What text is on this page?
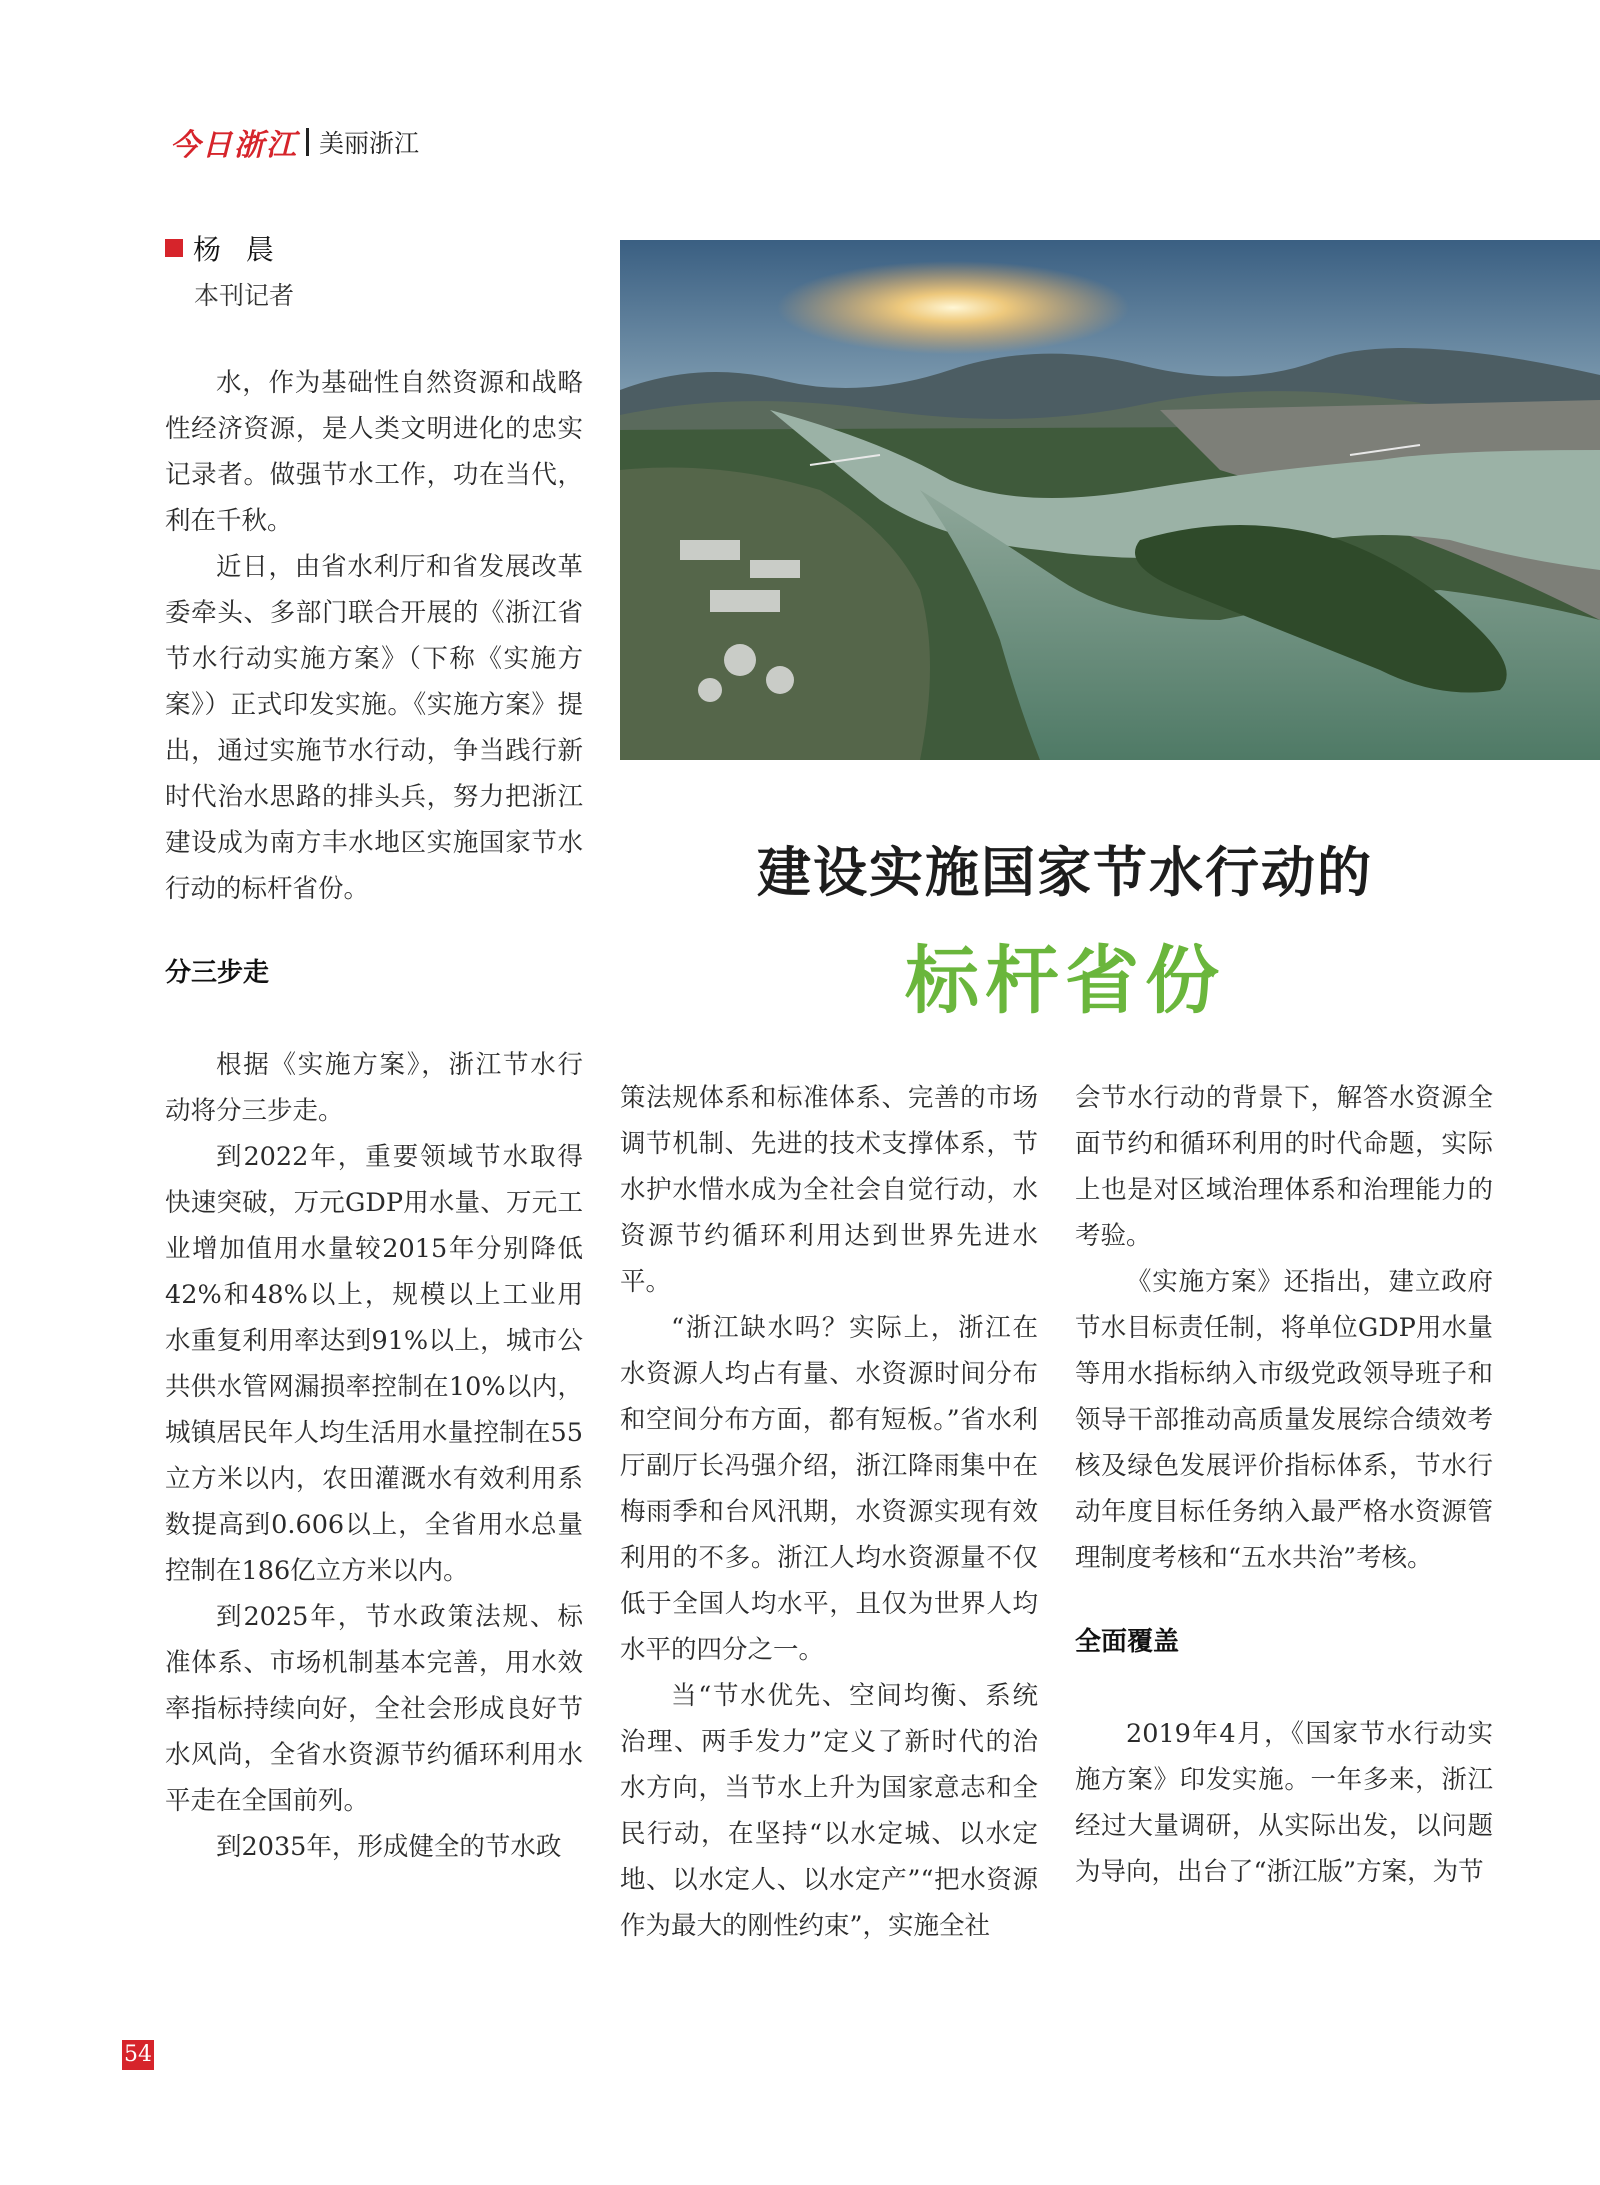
今日浙江 美丽浙江
杨 晨
本刊记者
建设实施国家节水行动的
标杆省份

水，作为基础性自然资源和战略性经济资源，是人类文明进化的忠实记录者。做强节水工作，功在当代，利在千秋。

近日，由省水利厅和省发展改革委牵头、多部门联合开展的《浙江省节水行动实施方案》（下称《实施方案》）正式印发实施。《实施方案》提出，通过实施节水行动，争当践行新时代治水思路的排头兵，努力把浙江建设成为南方丰水地区实施国家节水行动的标杆省份。

分三步走

根据《实施方案》，浙江节水行动将分三步走。

到2022年，重要领域节水取得快速突破，万元GDP用水量、万元工业增加值用水量较2015年分别降低42%和48%以上，规模以上工业用水重复利用率达到91%以上，城市公共供水管网漏损率控制在10%以内，城镇居民年人均生活用水量控制在55立方米以内，农田灌溉水有效利用系数提高到0.606以上，全省用水总量控制在186亿立方米以内。

到2025年，节水政策法规、标准体系、市场机制基本完善，用水效率指标持续向好，全社会形成良好节水风尚，全省水资源节约循环利用水平走在全国前列。

到2035年，形成健全的节水政

策法规体系和标准体系、完善的市场调节机制、先进的技术支撑体系，节水护水惜水成为全社会自觉行动，水资源节约循环利用达到世界先进水平。

“浙江缺水吗？实际上，浙江在水资源人均占有量、水资源时间分布和空间分布方面，都有短板。”省水利厅副厅长冯强介绍，浙江降雨集中在梅雨季和台风汛期，水资源实现有效利用的不多。浙江人均水资源量不仅低于全国人均水平，且仅为世界人均水平的四分之一。

当“节水优先、空间均衡、系统治理、两手发力”定义了新时代的治水方向，当节水上升为国家意志和全民行动，在坚持“以水定城、以水定地、以水定人、以水定产”“把水资源作为最大的刚性约束”，实施全社

会节水行动的背景下，解答水资源全面节约和循环利用的时代命题，实际上也是对区域治理体系和治理能力的考验。

《实施方案》还指出，建立政府节水目标责任制，将单位GDP用水量等用水指标纳入市级党政领导班子和领导干部推动高质量发展综合绩效考核及绿色发展评价指标体系，节水行动年度目标任务纳入最严格水资源管理制度考核和“五水共治”考核。

全面覆盖

2019年4月，《国家节水行动实施方案》印发实施。一年多来，浙江经过大量调研，从实际出发，以问题为导向，出台了“浙江版”方案，为节

54
